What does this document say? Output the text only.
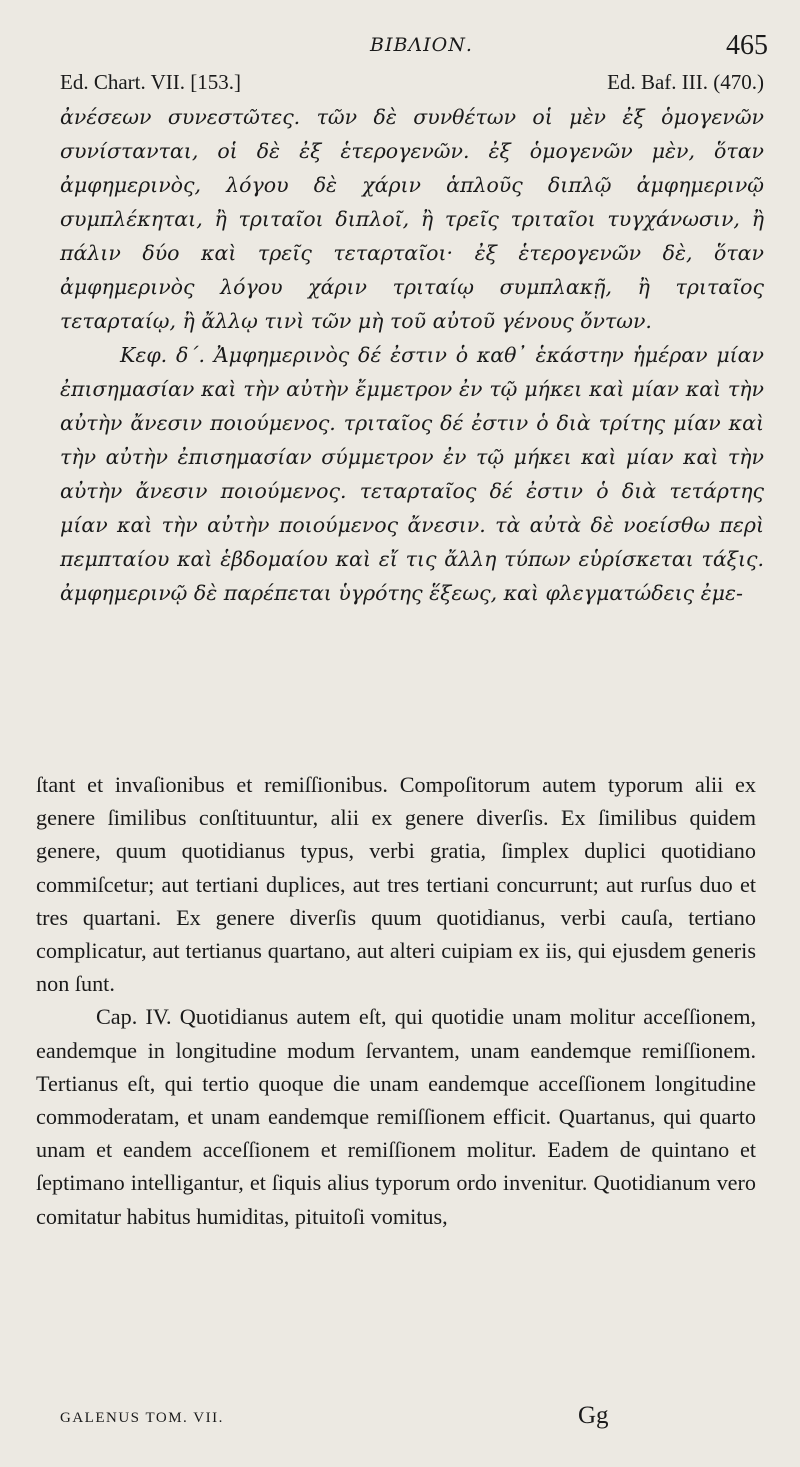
ΒΙΒΛΙΟΝ.	465
Ed. Chart. VII. [153.]	Ed. Baf. III. (470.)

ἀνέσεων συνεστῶτες. τῶν δὲ συνθέτων οἱ μὲν ἐξ ὁμογενῶν συνίστανται, οἱ δὲ ἐξ ἑτερογενῶν. ἐξ ὁμογενῶν μὲν, ὅταν ἀμφημερινὸς, λόγου δὲ χάριν ἁπλοῦς διπλῷ ἀμφημερινῷ συμπλέκηται, ἢ τριταῖοι διπλοῖ, ἢ τρεῖς τριταῖοι τυγχάνωσιν, ἢ πάλιν δύο καὶ τρεῖς τεταρταῖοι· ἐξ ἑτερογενῶν δὲ, ὅταν ἀμφημερινὸς λόγου χάριν τριταίῳ συμπλακῇ, ἢ τριταῖος τεταρταίῳ, ἢ ἄλλῳ τινὶ τῶν μὴ τοῦ αὐτοῦ γένους ὄντων.

Κεφ. δ΄. Ἀμφημερινὸς δέ ἐστιν ὁ καθ᾽ ἑκάστην ἡμέραν μίαν ἐπισημασίαν καὶ τὴν αὐτὴν ἔμμετρον ἐν τῷ μήκει καὶ μίαν καὶ τὴν αὐτὴν ἄνεσιν ποιούμενος. τριταῖος δέ ἐστιν ὁ διὰ τρίτης μίαν καὶ τὴν αὐτὴν ἐπισημασίαν σύμμετρον ἐν τῷ μήκει καὶ μίαν καὶ τὴν αὐτὴν ἄνεσιν ποιούμενος. τεταρταῖος δέ ἐστιν ὁ διὰ τετάρτης μίαν καὶ τὴν αὐτὴν ποιούμενος ἄνεσιν. τὰ αὐτὰ δὲ νοείσθω περὶ πεμπταίου καὶ ἑβδομαίου καὶ εἴ τις ἄλλη τύπων εὑρίσκεται τάξις. ἀμφημερινῷ δὲ παρέπεται ὑγρότης ἕξεως, καὶ φλεγματώδεις ἐμε-

ſtant et invaſionibus et remiſſionibus. Compoſitorum autem typorum alii ex genere ſimilibus conſtituuntur, alii ex genere diverſis. Ex ſimilibus quidem genere, quum quotidianus typus, verbi gratia, ſimplex duplici quotidiano commiſcetur; aut tertiani duplices, aut tres tertiani concurrunt; aut rurſus duo et tres quartani. Ex genere diverſis quum quotidianus, verbi cauſa, tertiano complicatur, aut tertianus quartano, aut alteri cuipiam ex iis, qui ejusdem generis non ſunt.

Cap. IV. Quotidianus autem eſt, qui quotidie unam molitur acceſſionem, eandemque in longitudine modum ſervantem, unam eandemque remiſſionem. Tertianus eſt, qui tertio quoque die unam eandemque acceſſionem longitudine commoderatam, et unam eandemque remiſſionem efficit. Quartanus, qui quarto unam et eandem acceſſionem et remiſſionem molitur. Eadem de quintano et ſeptimano intelligantur, et ſiquis alius typorum ordo invenitur. Quotidianum vero comitatur habitus humiditas, pituitoſi vomitus,

GALENUS TOM. VII.	Gg
